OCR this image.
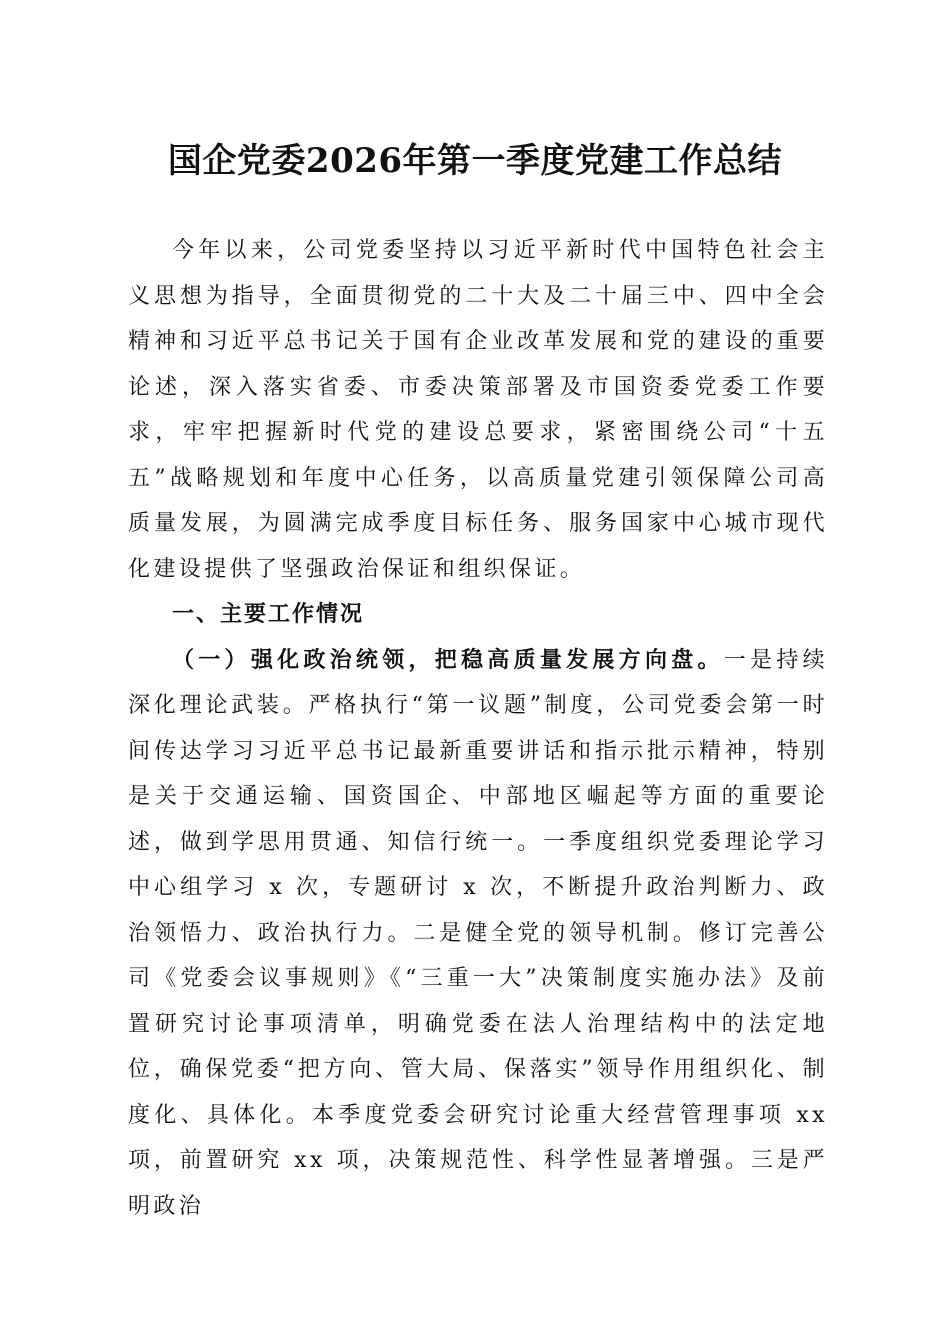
国企党委2026年第一季度党建工作总结

今年以来，公司党委坚持以习近平新时代中国特色社会主义思想为指导，全面贯彻党的二十大及二十届三中、四中全会精神和习近平总书记关于国有企业改革发展和党的建设的重要论述，深入落实省委、市委决策部署及市国资委党委工作要求，牢牢把握新时代党的建设总要求，紧密围绕公司“十五五”战略规划和年度中心任务，以高质量党建引领保障公司高质量发展，为圆满完成季度目标任务、服务国家中心城市现代化建设提供了坚强政治保证和组织保证。

一、主要工作情况

（一）强化政治统领，把稳高质量发展方向盘。一是持续深化理论武装。严格执行“第一议题”制度，公司党委会第一时间传达学习习近平总书记最新重要讲话和指示批示精神，特别是关于交通运输、国资国企、中部地区崛起等方面的重要论述，做到学思用贯通、知信行统一。一季度组织党委理论学习中心组学习 x 次，专题研讨 x 次，不断提升政治判断力、政治领悟力、政治执行力。二是健全党的领导机制。修订完善公司《党委会议事规则》《“三重一大”决策制度实施办法》及前置研究讨论事项清单，明确党委在法人治理结构中的法定地位，确保党委“把方向、管大局、保落实”领导作用组织化、制度化、具体化。本季度党委会研究讨论重大经营管理事项 xx 项，前置研究 xx 项，决策规范性、科学性显著增强。三是严明政治
